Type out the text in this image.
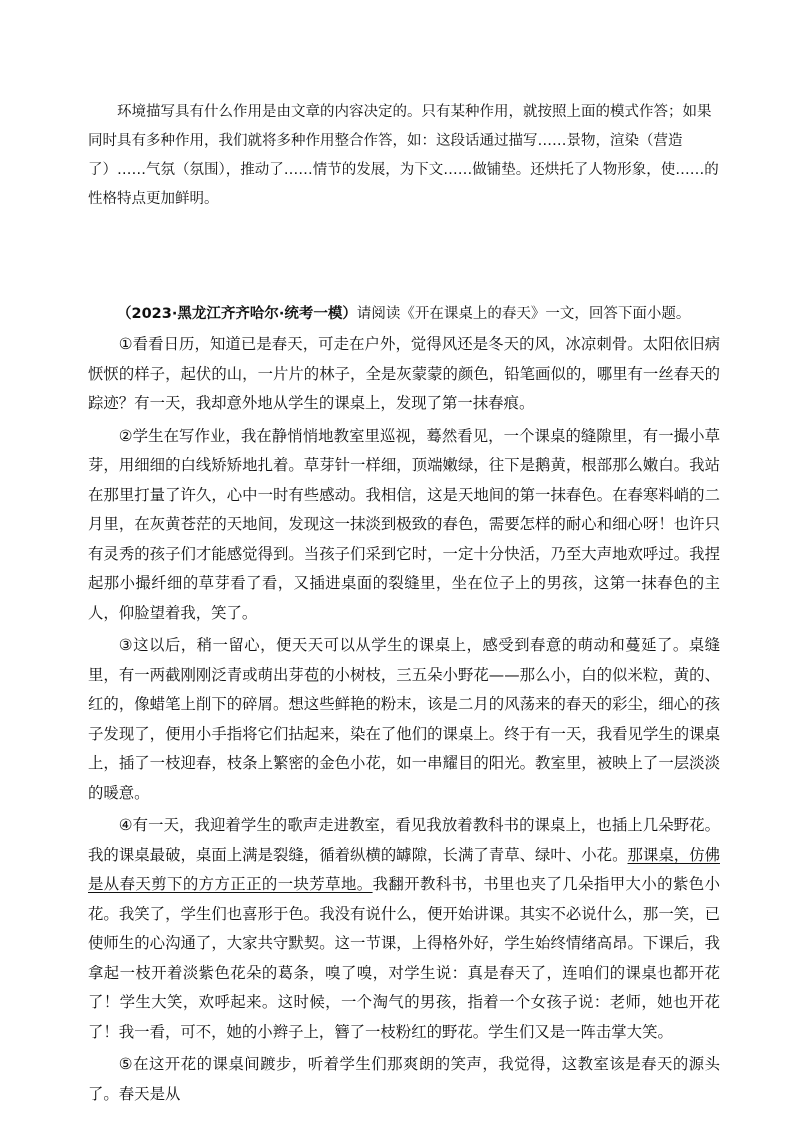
环境描写具有什么作用是由文章的内容决定的。只有某种作用，就按照上面的模式作答；如果同时具有多种作用，我们就将多种作用整合作答，如：这段话通过描写……景物，渲染（营造了）……气氛（氛围），推动了……情节的发展，为下文……做铺垫。还烘托了人物形象，使……的性格特点更加鲜明。

（2023·黑龙江齐齐哈尔·统考一模）请阅读《开在课桌上的春天》一文，回答下面小题。

①看看日历，知道已是春天，可走在户外，觉得风还是冬天的风，冰凉刺骨。太阳依旧病恹恹的样子，起伏的山，一片片的林子，全是灰蒙蒙的颜色，铅笔画似的，哪里有一丝春天的踪迹？有一天，我却意外地从学生的课桌上，发现了第一抹春痕。

②学生在写作业，我在静悄悄地教室里巡视，蓦然看见，一个课桌的缝隙里，有一撮小草芽，用细细的白线矫矫地扎着。草芽针一样细，顶端嫩绿，往下是鹅黄，根部那么嫩白。我站在那里打量了许久，心中一时有些感动。我相信，这是天地间的第一抹春色。在春寒料峭的二月里，在灰黄苍茫的天地间，发现这一抹淡到极致的春色，需要怎样的耐心和细心呀！也许只有灵秀的孩子们才能感觉得到。当孩子们采到它时，一定十分快活，乃至大声地欢呼过。我捏起那小撮纤细的草芽看了看，又插进桌面的裂缝里，坐在位子上的男孩，这第一抹春色的主人，仰脸望着我，笑了。

③这以后，稍一留心，便天天可以从学生的课桌上，感受到春意的萌动和蔓延了。桌缝里，有一两截刚刚泛青或萌出芽苞的小树枝，三五朵小野花——那么小，白的似米粒，黄的、红的，像蜡笔上削下的碎屑。想这些鲜艳的粉末，该是二月的风荡来的春天的彩尘，细心的孩子发现了，便用小手指将它们拈起来，染在了他们的课桌上。终于有一天，我看见学生的课桌上，插了一枝迎春，枝条上繁密的金色小花，如一串耀目的阳光。教室里，被映上了一层淡淡的暖意。

④有一天，我迎着学生的歌声走进教室，看见我放着教科书的课桌上，也插上几朵野花。我的课桌最破，桌面上满是裂缝，循着纵横的罅隙，长满了青草、绿叶、小花。那课桌，仿佛是从春天剪下的方方正正的一块芳草地。我翻开教科书，书里也夹了几朵指甲大小的紫色小花。我笑了，学生们也喜形于色。我没有说什么，便开始讲课。其实不必说什么，那一笑，已使师生的心沟通了，大家共守默契。这一节课，上得格外好，学生始终情绪高昂。下课后，我拿起一枝开着淡紫色花朵的葛条，嗅了嗅，对学生说：真是春天了，连咱们的课桌也都开花了！学生大笑，欢呼起来。这时候，一个淘气的男孩，指着一个女孩子说：老师，她也开花了！我一看，可不，她的小辫子上，簪了一枝粉红的野花。学生们又是一阵击掌大笑。

⑤在这开花的课桌间踱步，听着学生们那爽朗的笑声，我觉得，这教室该是春天的源头了。春天是从
